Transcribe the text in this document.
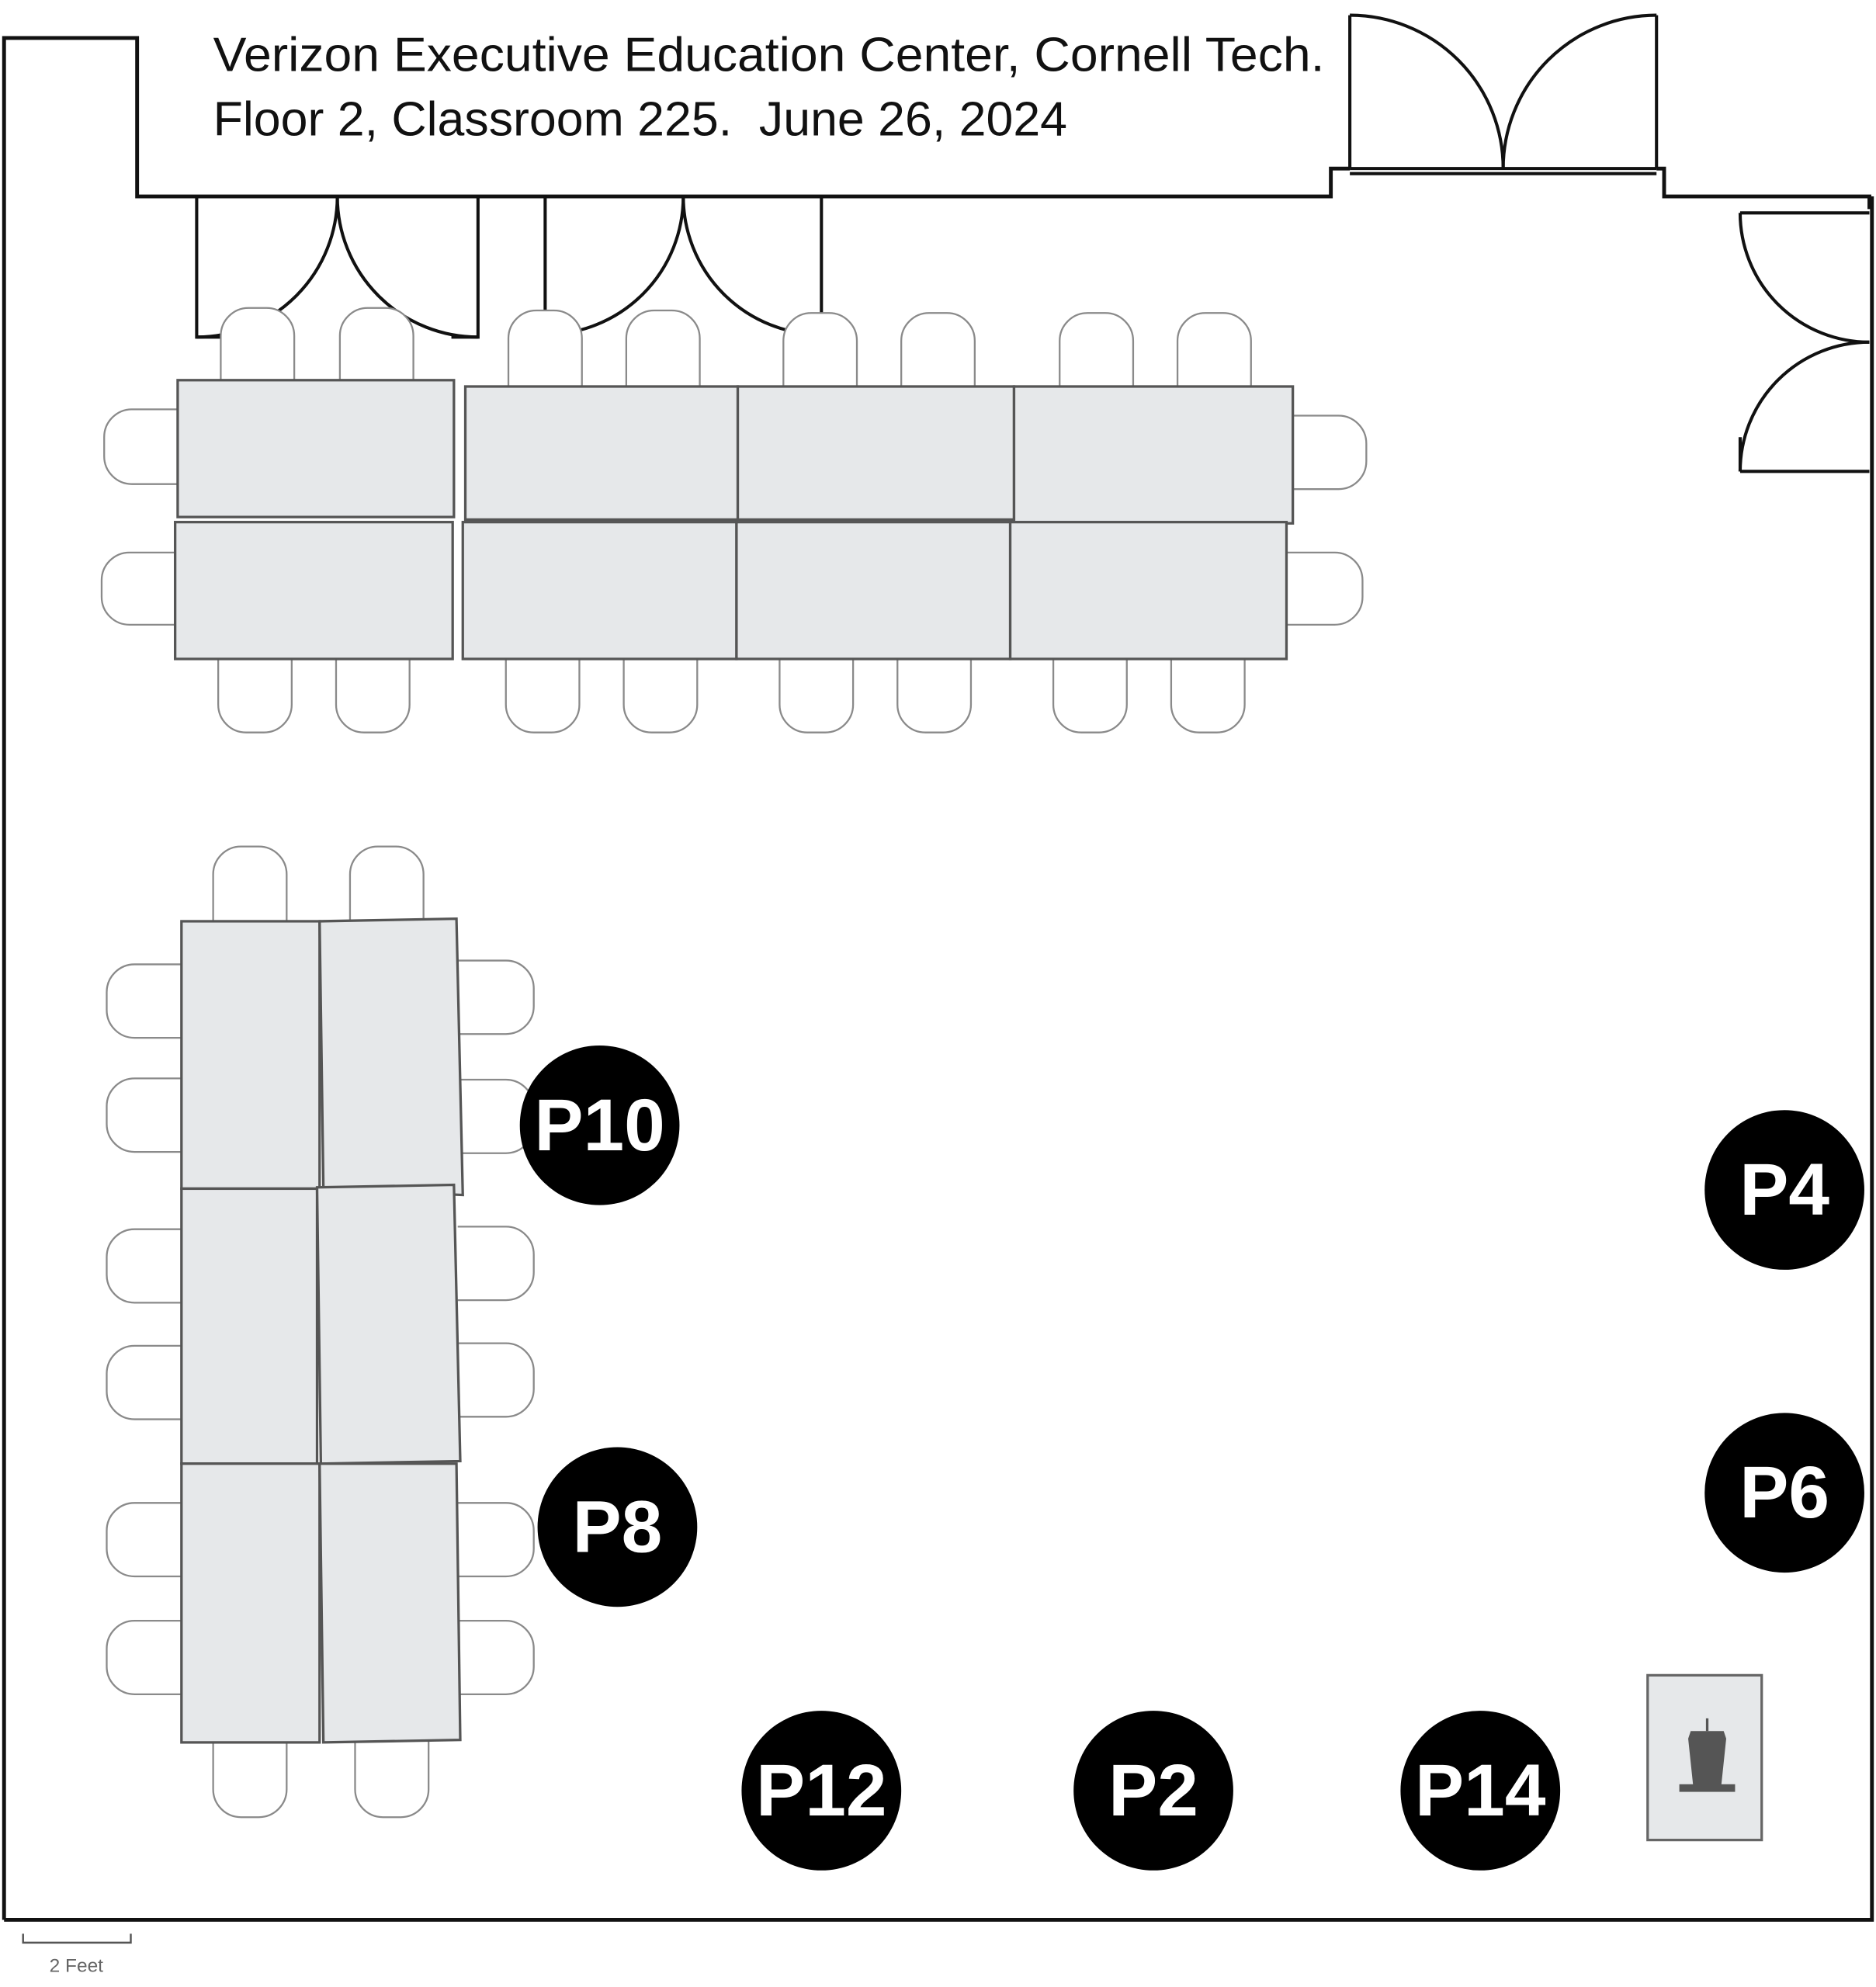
Verizon Executive Education Center, Cornell Tech.
Floor 2, Classroom 225.  June 26, 2024
P10
P4
P6
P8
P12	P2	P14
2 Feet
